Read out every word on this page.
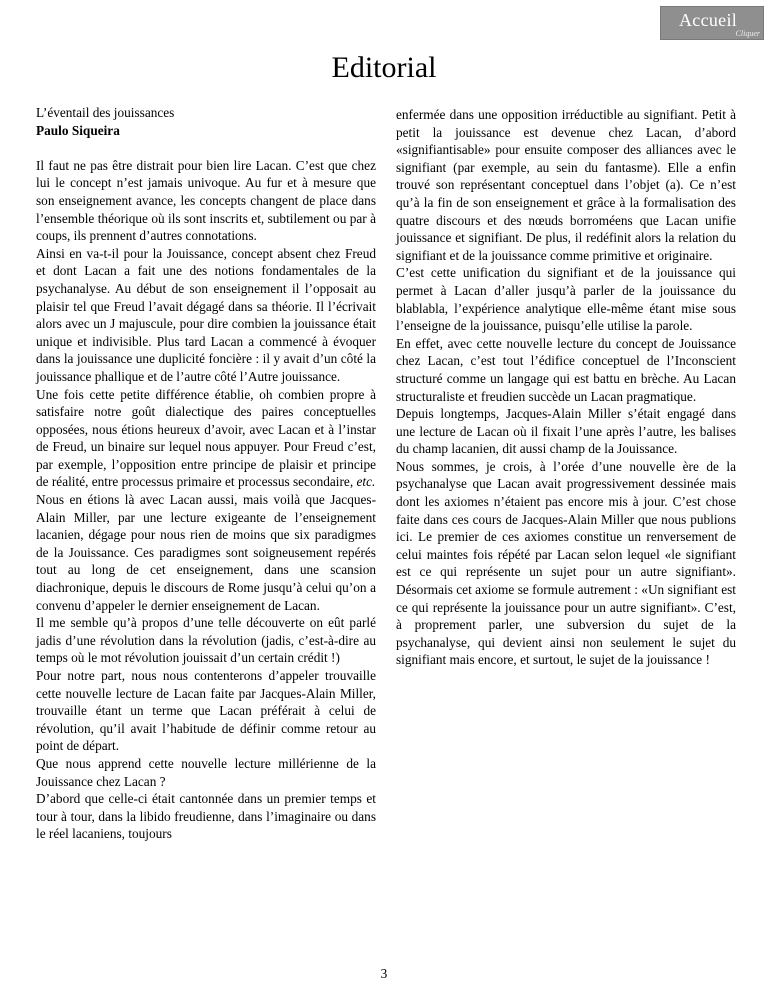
Accueil
Cliquer
Editorial

L’éventail des jouissances

Paulo Siqueira

Il faut ne pas être distrait pour bien lire Lacan. C’est que chez lui le concept n’est jamais univoque. Au fur et à mesure que son enseignement avance, les concepts changent de place dans l’ensemble théorique où ils sont inscrits et, subtilement ou par à coups, ils prennent d’autres connotations.

Ainsi en va-t-il pour la Jouissance, concept absent chez Freud et dont Lacan a fait une des notions fondamentales de la psychanalyse. Au début de son enseignement il l’opposait au plaisir tel que Freud l’avait dégagé dans sa théorie. Il l’écrivait alors avec un J majuscule, pour dire combien la jouissance était unique et indivisible. Plus tard Lacan a commencé à évoquer dans la jouissance une duplicité foncière : il y avait d’un côté la jouissance phallique et de l’autre côté l’Autre jouissance.

Une fois cette petite différence établie, oh combien propre à satisfaire notre goût dialectique des paires conceptuelles opposées, nous étions heureux d’avoir, avec Lacan et à l’instar de Freud, un binaire sur lequel nous appuyer. Pour Freud c’est, par exemple, l’opposition entre principe de plaisir et principe de réalité, entre processus primaire et processus secondaire, etc.

Nous en étions là avec Lacan aussi, mais voilà que Jacques-Alain Miller, par une lecture exigeante de l’enseignement lacanien, dégage pour nous rien de moins que six paradigmes de la Jouissance. Ces paradigmes sont soigneusement repérés tout au long de cet enseignement, dans une scansion diachronique, depuis le discours de Rome jusqu’à celui qu’on a convenu d’appeler le dernier enseignement de Lacan.

Il me semble qu’à propos d’une telle découverte on eût parlé jadis d’une révolution dans la révolution (jadis, c’est-à-dire au temps où le mot révolution jouissait d’un certain crédit !)

Pour notre part, nous nous contenterons d’appeler trouvaille cette nouvelle lecture de Lacan faite par Jacques-Alain Miller, trouvaille étant un terme que Lacan préférait à celui de révolution, qu’il avait l’habitude de définir comme retour au point de départ.

Que nous apprend cette nouvelle lecture millérienne de la Jouissance chez Lacan ?

D’abord que celle-ci était cantonnée dans un premier temps et tour à tour, dans la libido freudienne, dans l’imaginaire ou dans le réel lacaniens, toujours

enfermée dans une opposition irréductible au signifiant. Petit à petit la jouissance est devenue chez Lacan, d’abord «signifiantisable» pour ensuite composer des alliances avec le signifiant (par exemple, au sein du fantasme). Elle a enfin trouvé son représentant conceptuel dans l’objet (a). Ce n’est qu’à la fin de son enseignement et grâce à la formalisation des quatre discours et des nœuds borroméens que Lacan unifie jouissance et signifiant. De plus, il redéfinit alors la relation du signifiant et de la jouissance comme primitive et originaire.

C’est cette unification du signifiant et de la jouissance qui permet à Lacan d’aller jusqu’à parler de la jouissance du blablabla, l’expérience analytique elle-même étant mise sous l’enseigne de la jouissance, puisqu’elle utilise la parole.

En effet, avec cette nouvelle lecture du concept de Jouissance chez Lacan, c’est tout l’édifice conceptuel de l’Inconscient structuré comme un langage qui est battu en brèche. Au Lacan structuraliste et freudien succède un Lacan pragmatique.

Depuis longtemps, Jacques-Alain Miller s’était engagé dans une lecture de Lacan où il fixait l’une après l’autre, les balises du champ lacanien, dit aussi champ de la Jouissance.

Nous sommes, je crois, à l’orée d’une nouvelle ère de la psychanalyse que Lacan avait progressivement dessinée mais dont les axiomes n’étaient pas encore mis à jour. C’est chose faite dans ces cours de Jacques-Alain Miller que nous publions ici. Le premier de ces axiomes constitue un renversement de celui maintes fois répété par Lacan selon lequel «le signifiant est ce qui représente un sujet pour un autre signifiant». Désormais cet axiome se formule autrement : «Un signifiant est ce qui représente la jouissance pour un autre signifiant». C’est, à proprement parler, une subversion du sujet de la psychanalyse, qui devient ainsi non seulement le sujet du signifiant mais encore, et surtout, le sujet de la jouissance !

3
